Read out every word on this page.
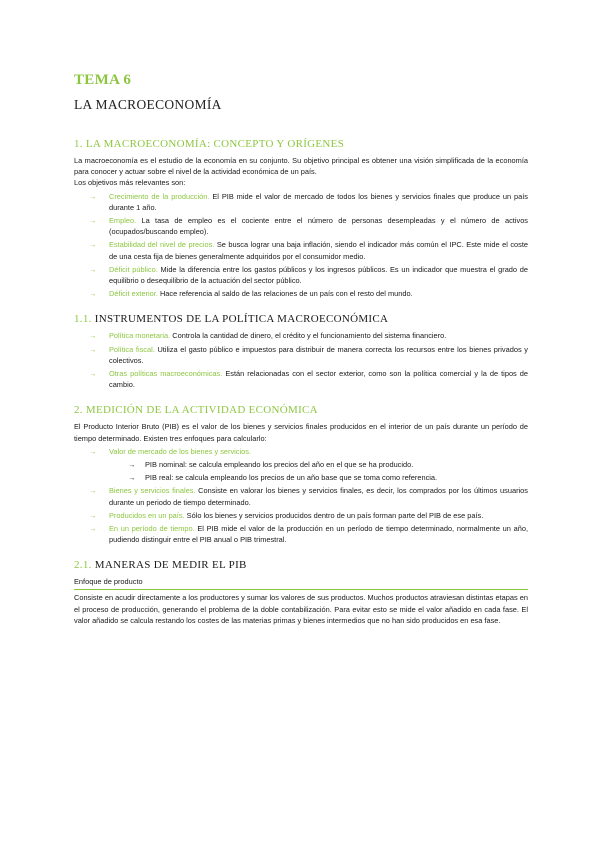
TEMA 6
LA MACROECONOMÍA
1. LA MACROECONOMÍA: CONCEPTO Y ORÍGENES

La macroeconomía es el estudio de la economía en su conjunto. Su objetivo principal es obtener una visión simplificada de la economía para conocer y actuar sobre el nivel de la actividad económica de un país.

Los objetivos más relevantes son:

→ Crecimiento de la producción. El PIB mide el valor de mercado de todos los bienes y servicios finales que produce un país durante 1 año.
→ Empleo. La tasa de empleo es el cociente entre el número de personas desempleadas y el número de activos (ocupados/buscando empleo).
→ Estabilidad del nivel de precios. Se busca lograr una baja inflación, siendo el indicador más común el IPC. Este mide el coste de una cesta fija de bienes generalmente adquiridos por el consumidor medio.
→ Déficit público. Mide la diferencia entre los gastos públicos y los ingresos públicos. Es un indicador que muestra el grado de equilibrio o desequilibrio de la actuación del sector público.
→ Déficit exterior. Hace referencia al saldo de las relaciones de un país con el resto del mundo.
1.1. INSTRUMENTOS DE LA POLÍTICA MACROECONÓMICA
→ Política monetaria. Controla la cantidad de dinero, el crédito y el funcionamiento del sistema financiero.
→ Política fiscal. Utiliza el gasto público e impuestos para distribuir de manera correcta los recursos entre los bienes privados y colectivos.
→ Otras políticas macroeconómicas. Están relacionadas con el sector exterior, como son la política comercial y la de tipos de cambio.
2. MEDICIÓN DE LA ACTIVIDAD ECONÓMICA

El Producto Interior Bruto (PIB) es el valor de los bienes y servicios finales producidos en el interior de un país durante un período de tiempo determinado. Existen tres enfoques para calcularlo:

→ Valor de mercado de los bienes y servicios.
→ PIB nominal: se calcula empleando los precios del año en el que se ha producido.
→ PIB real: se calcula empleando los precios de un año base que se toma como referencia.
→ Bienes y servicios finales. Consiste en valorar los bienes y servicios finales, es decir, los comprados por los últimos usuarios durante un periodo de tiempo determinado.
→ Producidos en un país. Sólo los bienes y servicios producidos dentro de un país forman parte del PIB de ese país.
→ En un período de tiempo. El PIB mide el valor de la producción en un período de tiempo determinado, normalmente un año, pudiendo distinguir entre el PIB anual o PIB trimestral.
2.1. MANERAS DE MEDIR EL PIB
Enfoque de producto

Consiste en acudir directamente a los productores y sumar los valores de sus productos. Muchos productos atraviesan distintas etapas en el proceso de producción, generando el problema de la doble contabilización. Para evitar esto se mide el valor añadido en cada fase. El valor añadido se calcula restando los costes de las materias primas y bienes intermedios que no han sido producidos en esa fase.
